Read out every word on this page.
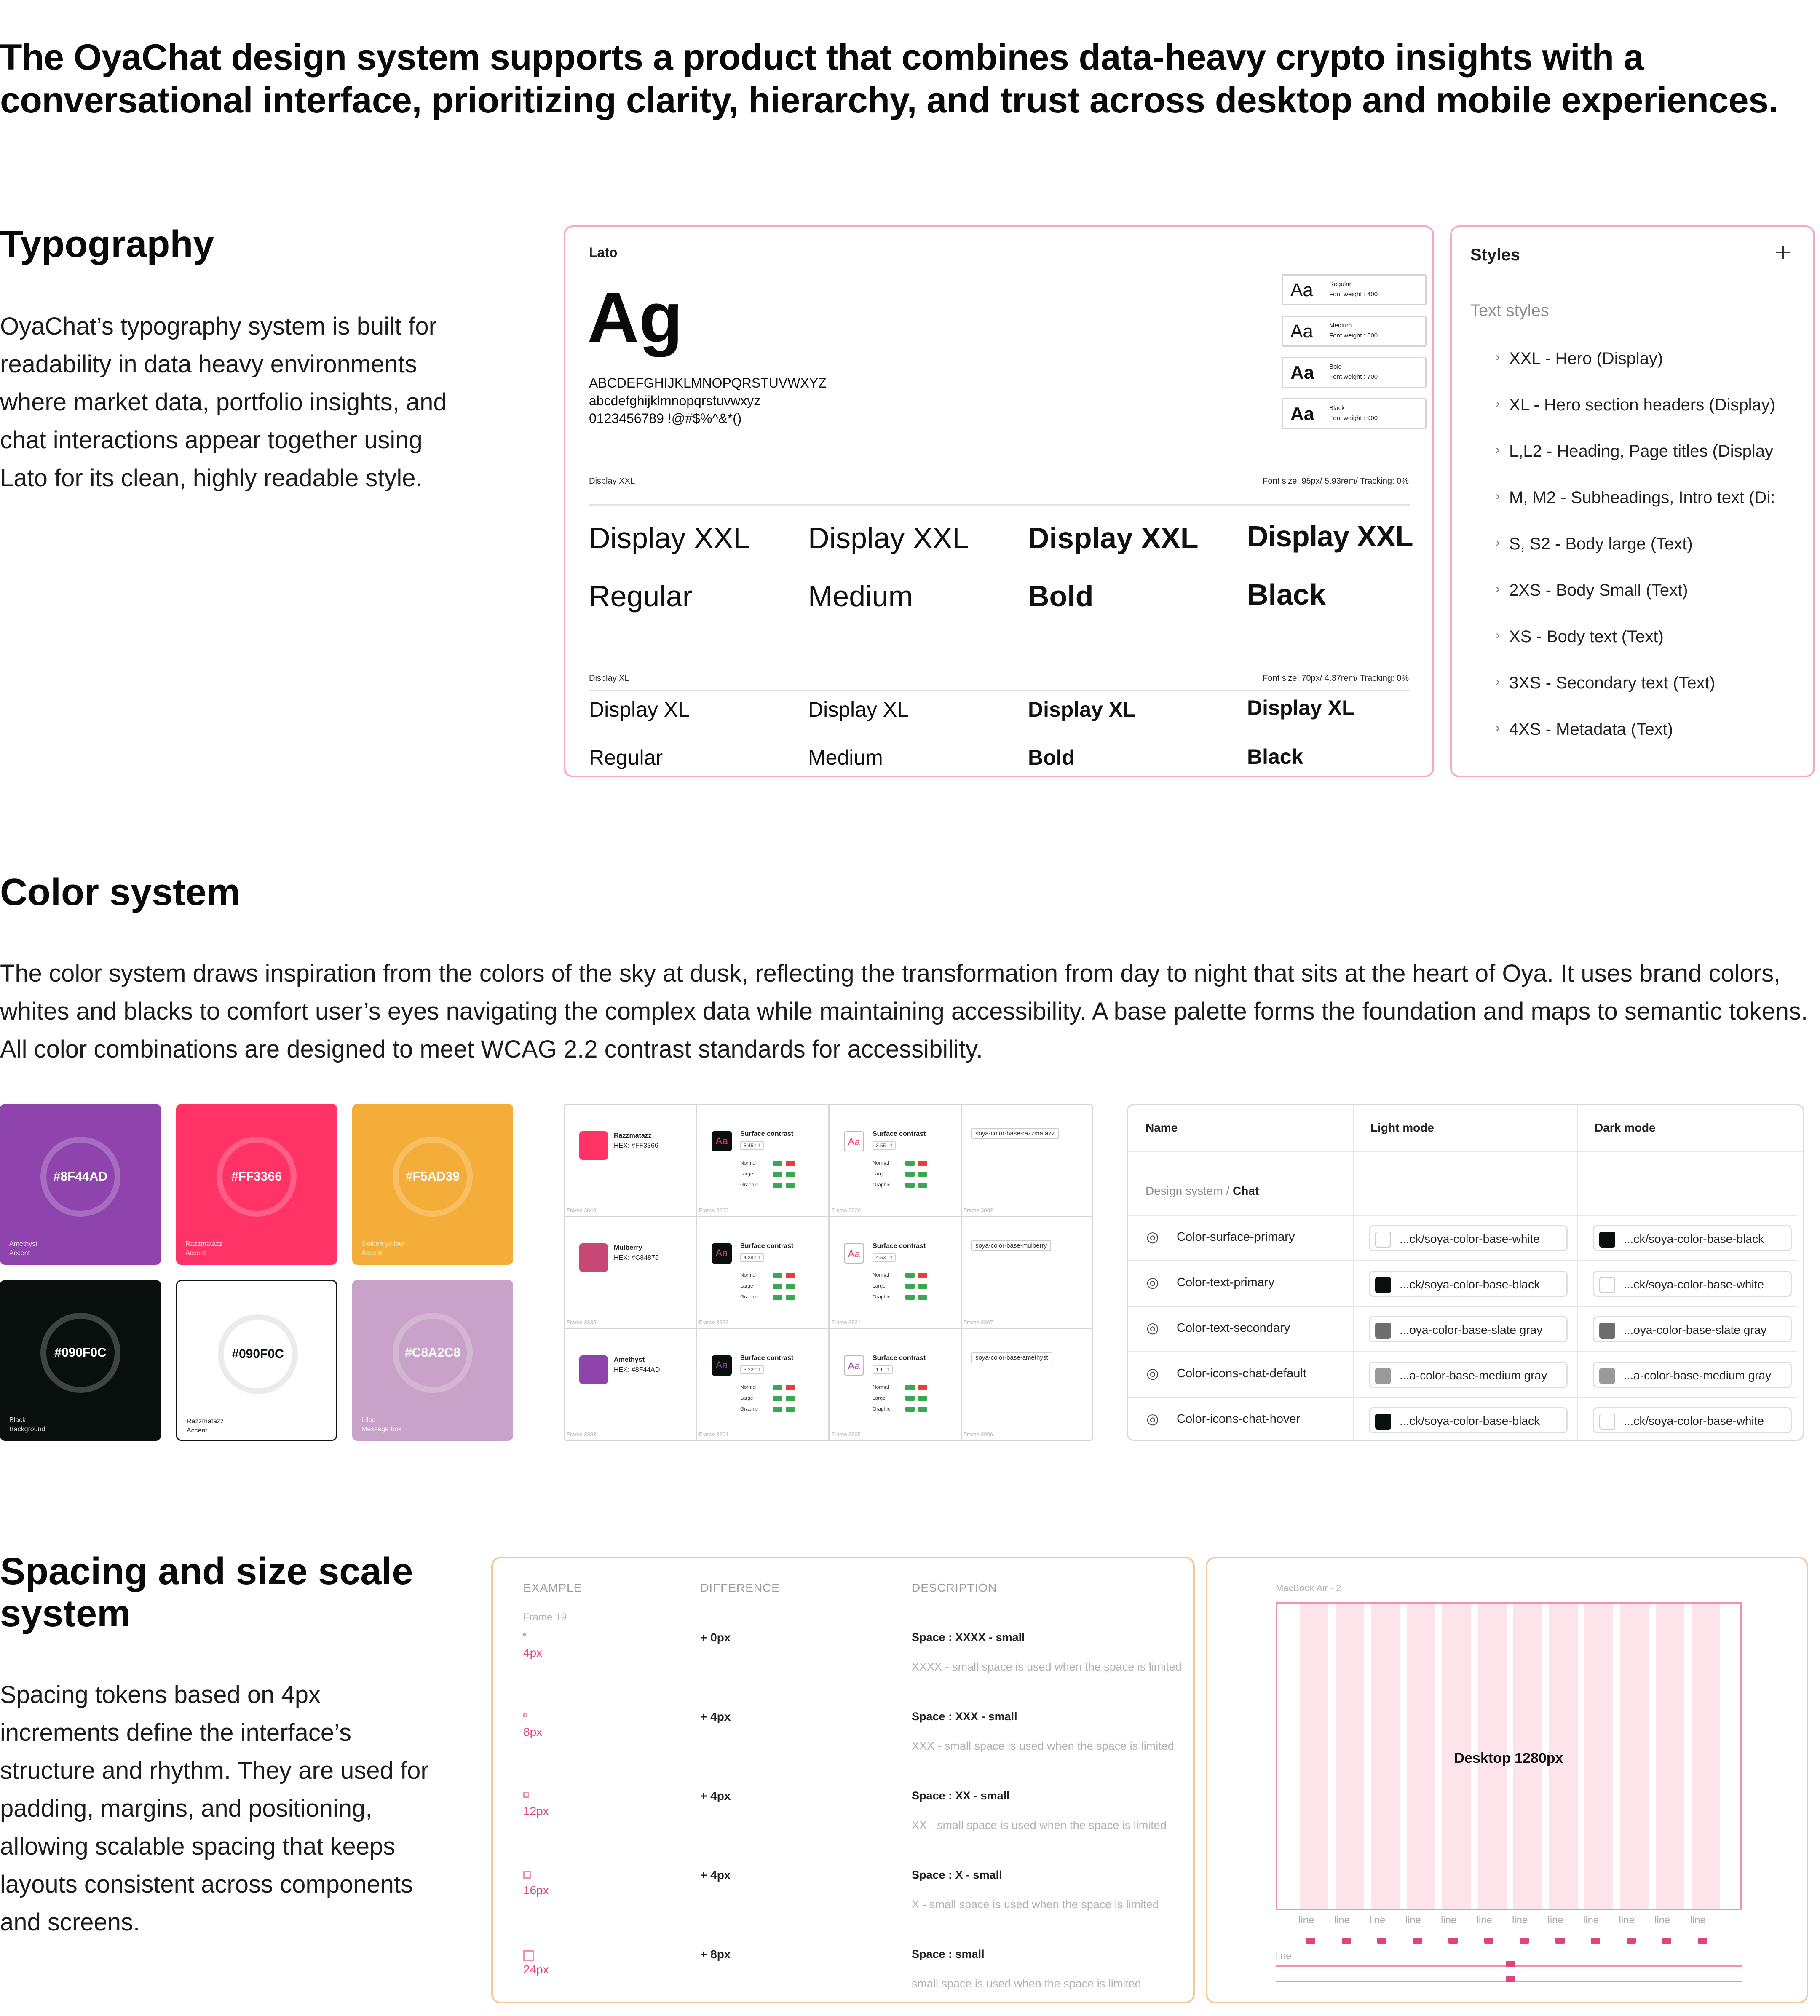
The OyaChat design system supports a product that combines data-heavy crypto insights with a conversational interface, prioritizing clarity, hierarchy, and trust across desktop and mobile experiences.
Typography
OyaChat’s typography system is built for readability in data heavy environments where market data, portfolio insights, and chat interactions appear together using Lato for its clean, highly readable style.
Lato
Ag
ABCDEFGHIJKLMNOPQRSTUVWXYZ
abcdefghijklmnopqrstuvwxyz
0123456789 !@#$%^&*()
Aa	Regular
Font weight : 400
Aa	Medium
Font weight : 500
Aa Bold
Font weight : 700
Aa Black
Font weight : 900
Display XXL	Font size: 95px/ 5.93rem/ Tracking: 0%
Display XXL Display XXL Display XXL Display XXL
Regular	Medium	Bold	Black
Display XL	Font size: 70px/ 4.37rem/ Tracking: 0%
Display XL	Display XL	Display XL	Display XL
Regular	Medium	Bold	Black
Styles
Text styles
› XXL - Hero (Display)
› XL - Hero section headers (Display)
› L,L2 - Heading, Page titles (Display
› M, M2 - Subheadings, Intro text (Di:
› S, S2 - Body large (Text)
› 2XS - Body Small (Text)
› XS - Body text (Text)
› 3XS - Secondary text (Text)
› 4XS - Metadata (Text)
Color system
The color system draws inspiration from the colors of the sky at dusk, reflecting the transformation from day to night that sits at the heart of Oya. It uses brand colors, whites and blacks to comfort user’s eyes navigating the complex data while maintaining accessibility. A base palette forms the foundation and maps to semantic tokens. All color combinations are designed to meet WCAG 2.2 contrast standards for accessibility.
#8F44AD
Amethyst
Accent
#FF3366
Razzmatazz
Accent
#F5AD39
Golden yellow
Accent
#090F0C
Black
Background
#090F0C
Razzmatazz
Accent
#C8A2C8
Lilac
Message box
Frame 3840
Razzmatazz
HEX: #FF3366
Frame 3833
Aa
Surface contrast
5.45 : 1
Normal
Large
Graphic
Frame 3820
Aa
Surface contrast
3.55 : 1
Normal
Large
Graphic
Frame 3802
soya-color-base-razzmatazz
Frame 3835
Mulberry
HEX: #C84875
Frame 3829
Aa
Surface contrast
4.28 : 1
Normal
Large
Graphic
Frame 3821
Aa
Surface contrast
4.53 : 1
Normal
Large
Graphic
Frame 3807
soya-color-base-mulberry
Frame 3803
Amethyst
HEX: #8F44AD
Frame 3804
Aa
Surface contrast
3.32 : 1
Normal
Large
Graphic
Frame 3805
Aa
Surface contrast
1.1 : 1
Normal
Large
Graphic
Frame 3806
soya-color-base-amethyst
Name	Light mode	Dark mode
Design system / Chat
◎ Color-surface-primary	...ck/soya-color-base-white	...ck/soya-color-base-black
◎ Color-text-primary	...ck/soya-color-base-black	...ck/soya-color-base-white
◎ Color-text-secondary	...oya-color-base-slate gray	...oya-color-base-slate gray
◎ Color-icons-chat-default	...a-color-base-medium gray	...a-color-base-medium gray
◎ Color-icons-chat-hover	...ck/soya-color-base-black	...ck/soya-color-base-white
Spacing and size scale system
Spacing tokens based on 4px increments define the interface’s structure and rhythm. They are used for padding, margins, and positioning, allowing scalable spacing that keeps layouts consistent across components and screens.
EXAMPLE	DIFFERENCE	DESCRIPTION
Frame 19
4px
+ 0px	Space : XXXX - small
XXXX - small space is used when the space is limited
8px
+ 4px	Space : XXX - small
XXX - small space is used when the space is limited
12px
+ 4px	Space : XX - small
XX - small space is used when the space is limited
16px
+ 4px	Space : X - small
X - small space is used when the space is limited
24px
+ 8px	Space : small
small space is used when the space is limited
MacBook Air - 2
Desktop 1280px
line line line line line line line line line line line line
line
